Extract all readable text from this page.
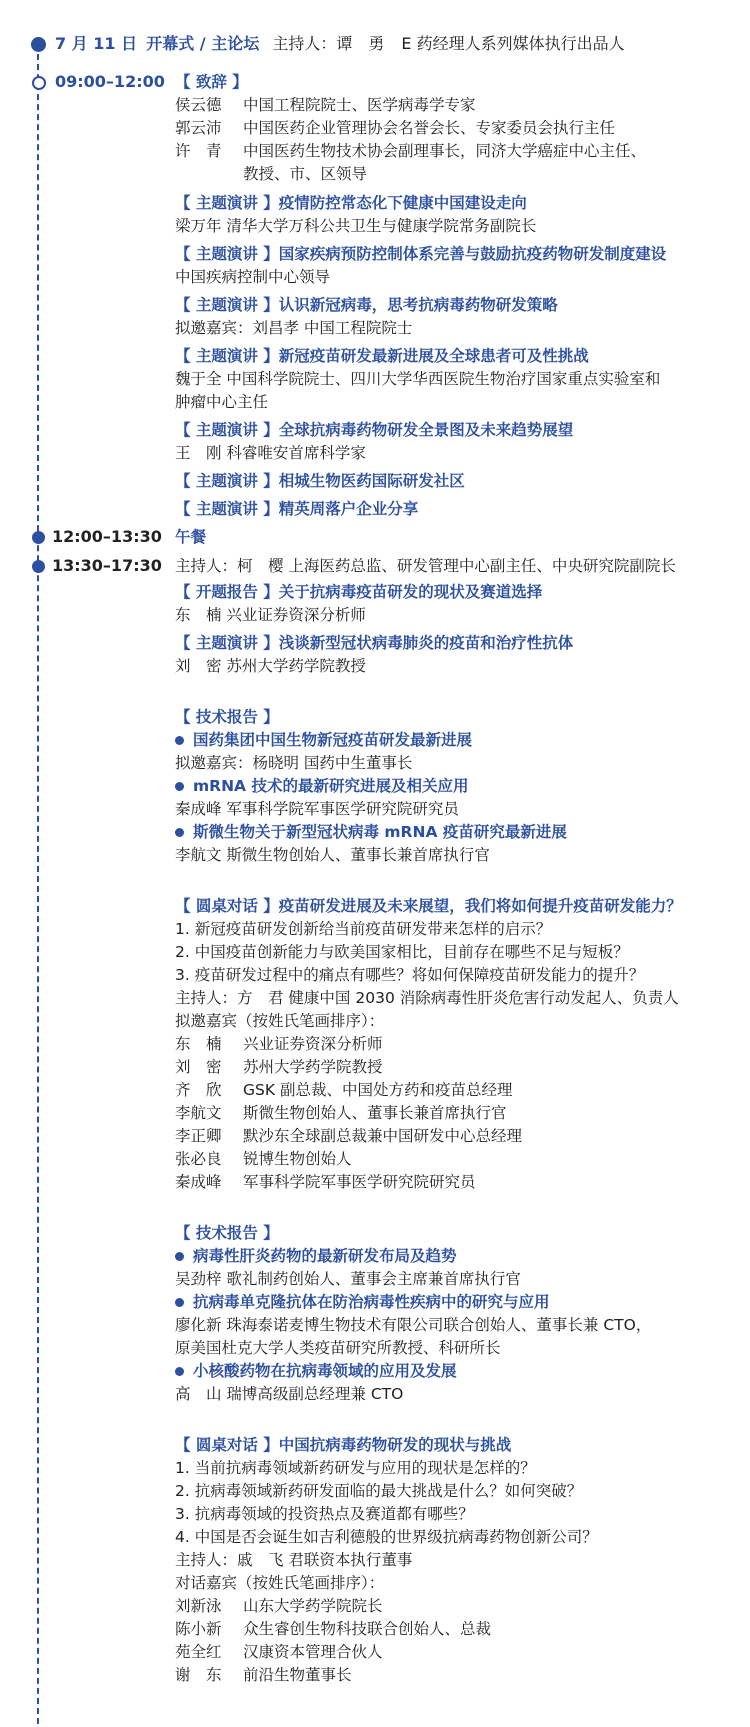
7 月 11 日 开幕式 / 主论坛 主持人：谭　勇 E 药经理人系列媒体执行出品人
09:00–12:00 【 致辞 】
侯云德 中国工程院院士、医学病毒学专家
郭云沛 中国医药企业管理协会名誉会长、专家委员会执行主任
许　青 中国医药生物技术协会副理事长，同济大学癌症中心主任、
教授、市、区领导
【 主题演讲 】疫情防控常态化下健康中国建设走向
梁万年 清华大学万科公共卫生与健康学院常务副院长
【 主题演讲 】国家疾病预防控制体系完善与鼓励抗疫药物研发制度建设
中国疾病控制中心领导
【 主题演讲 】认识新冠病毒，思考抗病毒药物研发策略
拟邀嘉宾：刘昌孝 中国工程院院士
【 主题演讲 】新冠疫苗研发最新进展及全球患者可及性挑战
魏于全 中国科学院院士、四川大学华西医院生物治疗国家重点实验室和
肿瘤中心主任
【 主题演讲 】全球抗病毒药物研发全景图及未来趋势展望
王　刚 科睿唯安首席科学家
【 主题演讲 】相城生物医药国际研发社区
【 主题演讲 】精英周落户企业分享
12:00–13:30 午餐
13:30–17:30 主持人：柯　樱 上海医药总监、研发管理中心副主任、中央研究院副院长
【 开题报告 】关于抗病毒疫苗研发的现状及赛道选择
东　楠 兴业证券资深分析师
【 主题演讲 】浅谈新型冠状病毒肺炎的疫苗和治疗性抗体
刘　密 苏州大学药学院教授
【 技术报告 】
国药集团中国生物新冠疫苗研发最新进展
拟邀嘉宾：杨晓明 国药中生董事长
mRNA 技术的最新研究进展及相关应用
秦成峰 军事科学院军事医学研究院研究员
斯微生物关于新型冠状病毒 mRNA 疫苗研究最新进展
李航文 斯微生物创始人、董事长兼首席执行官
【 圆桌对话 】疫苗研发进展及未来展望，我们将如何提升疫苗研发能力？
1. 新冠疫苗研发创新给当前疫苗研发带来怎样的启示？
2. 中国疫苗创新能力与欧美国家相比，目前存在哪些不足与短板？
3. 疫苗研发过程中的痛点有哪些？将如何保障疫苗研发能力的提升？
主持人：方　君 健康中国 2030 消除病毒性肝炎危害行动发起人、负责人
拟邀嘉宾（按姓氏笔画排序）：
东　楠 兴业证券资深分析师
刘　密 苏州大学药学院教授
齐　欣 GSK 副总裁、中国处方药和疫苗总经理
李航文 斯微生物创始人、董事长兼首席执行官
李正卿 默沙东全球副总裁兼中国研发中心总经理
张必良 锐博生物创始人
秦成峰 军事科学院军事医学研究院研究员
【 技术报告 】
病毒性肝炎药物的最新研发布局及趋势
吴劲梓 歌礼制药创始人、董事会主席兼首席执行官
抗病毒单克隆抗体在防治病毒性疾病中的研究与应用
廖化新 珠海泰诺麦博生物技术有限公司联合创始人、董事长兼 CTO，
原美国杜克大学人类疫苗研究所教授、科研所长
小核酸药物在抗病毒领域的应用及发展
高　山 瑞博高级副总经理兼 CTO
【 圆桌对话 】中国抗病毒药物研发的现状与挑战
1. 当前抗病毒领域新药研发与应用的现状是怎样的？
2. 抗病毒领域新药研发面临的最大挑战是什么？如何突破？
3. 抗病毒领域的投资热点及赛道都有哪些？
4. 中国是否会诞生如吉利德般的世界级抗病毒药物创新公司？
主持人：戚　飞 君联资本执行董事
对话嘉宾（按姓氏笔画排序）：
刘新泳 山东大学药学院院长
陈小新 众生睿创生物科技联合创始人、总裁
苑全红 汉康资本管理合伙人
谢　东 前沿生物董事长
